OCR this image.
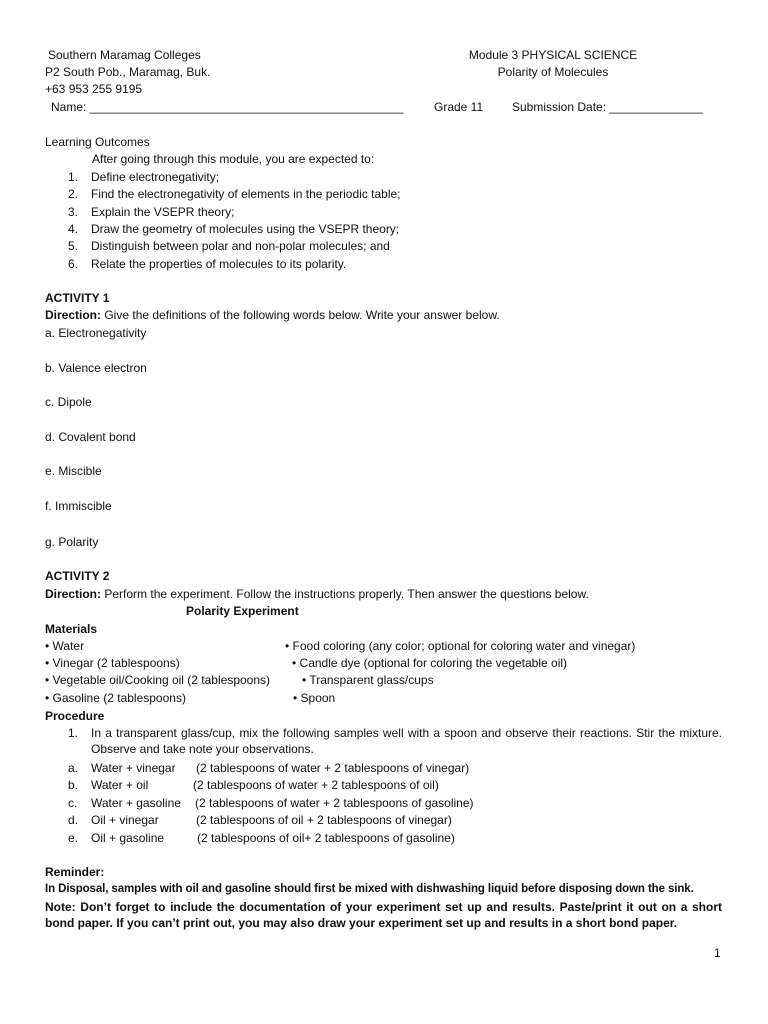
Southern Maramag Colleges
P2 South Pob., Maramag, Buk.
+63 953 255 9195
Module 3 PHYSICAL SCIENCE
Polarity of Molecules
Name: _______________________________________________	Grade 11 Submission Date: ______________
Learning Outcomes
After going through this module, you are expected to:
1. Define electronegativity;
2. Find the electronegativity of elements in the periodic table;
3. Explain the VSEPR theory;
4. Draw the geometry of molecules using the VSEPR theory;
5. Distinguish between polar and non-polar molecules; and
6. Relate the properties of molecules to its polarity.
ACTIVITY 1
Direction: Give the definitions of the following words below. Write your answer below.
a. Electronegativity
b. Valence electron
c. Dipole
d. Covalent bond
e. Miscible
f. Immiscible
g. Polarity
ACTIVITY 2
Direction: Perform the experiment. Follow the instructions properly. Then answer the questions below.
Polarity Experiment
Materials
• Water
• Vinegar (2 tablespoons)
• Vegetable oil/Cooking oil (2 tablespoons)
• Gasoline (2 tablespoons)
• Food coloring (any color; optional for coloring water and vinegar)
• Candle dye (optional for coloring the vegetable oil)
• Transparent glass/cups
• Spoon
Procedure
1. In a transparent glass/cup, mix the following samples well with a spoon and observe their reactions. Stir the mixture. Observe and take note your observations.
a. Water + vinegar (2 tablespoons of water + 2 tablespoons of vinegar)
b. Water + oil	(2 tablespoons of water + 2 tablespoons of oil)
c. Water + gasoline (2 tablespoons of water + 2 tablespoons of gasoline)
d. Oil + vinegar	(2 tablespoons of oil + 2 tablespoons of vinegar)
e. Oil + gasoline	(2 tablespoons of oil+ 2 tablespoons of gasoline)
Reminder:
In Disposal, samples with oil and gasoline should first be mixed with dishwashing liquid before disposing down the sink.
Note: Don’t forget to include the documentation of your experiment set up and results. Paste/print it out on a short bond paper. If you can’t print out, you may also draw your experiment set up and results in a short bond paper.
1
